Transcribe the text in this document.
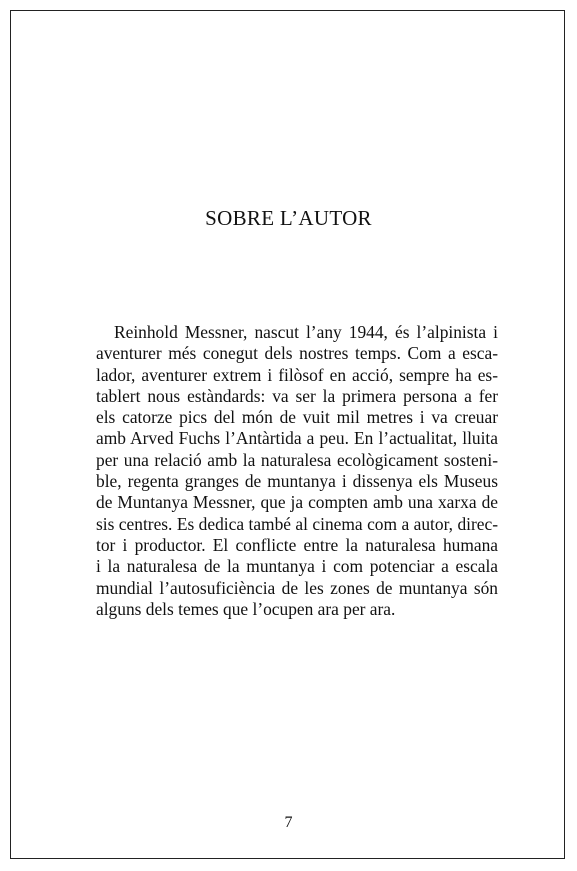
SOBRE L’AUTOR

Reinhold Messner, nascut l’any 1944, és l’alpinista i
aventurer més conegut dels nostres temps. Com a esca-
lador, aventurer extrem i filòsof en acció, sempre ha es-
tablert nous estàndards: va ser la primera persona a fer
els catorze pics del món de vuit mil metres i va creuar
amb Arved Fuchs l’Antàrtida a peu. En l’actualitat, lluita
per una relació amb la naturalesa ecològicament sosteni-
ble, regenta granges de muntanya i dissenya els Museus
de Muntanya Messner, que ja compten amb una xarxa de
sis centres. Es dedica també al cinema com a autor, direc-
tor i productor. El conflicte entre la naturalesa humana
i la naturalesa de la muntanya i com potenciar a escala
mundial l’autosuficiència de les zones de muntanya són
alguns dels temes que l’ocupen ara per ara.

7
